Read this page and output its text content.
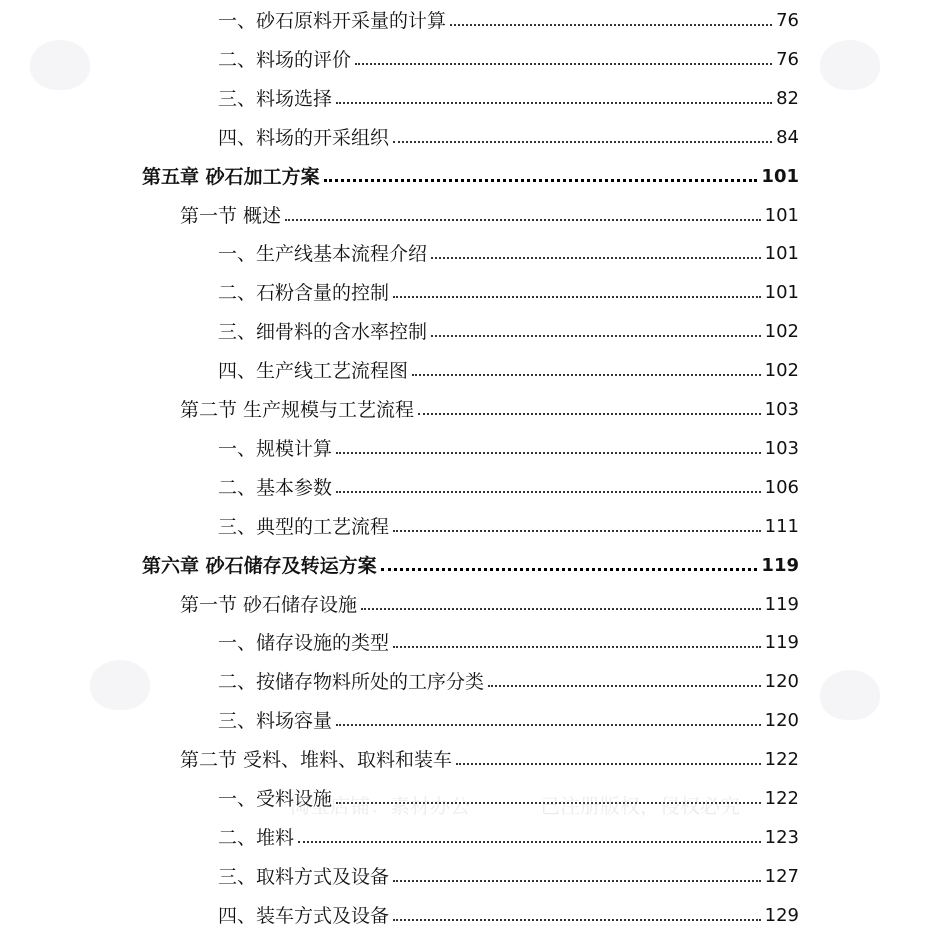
一、砂石原料开采量的计算	76
二、料场的评价	76
三、料场选择	82
四、料场的开采组织	84
第五章 砂石加工方案	101
第一节 概述	101
一、生产线基本流程介绍	101
二、石粉含量的控制	101
三、细骨料的含水率控制	102
四、生产线工艺流程图	102
第二节 生产规模与工艺流程	103
一、规模计算	103
二、基本参数	106
三、典型的工艺流程	111
第六章 砂石储存及转运方案	119
第一节 砂石储存设施	119
一、储存设施的类型	119
二、按储存物料所处的工序分类	120
三、料场容量	120
第二节 受料、堆料、取料和装车	122
一、受料设施	122
二、堆料	123
三、取料方式及设备	127
四、装车方式及设备	129
淘宝店铺：素材办公	已注册版权，侵权必究
